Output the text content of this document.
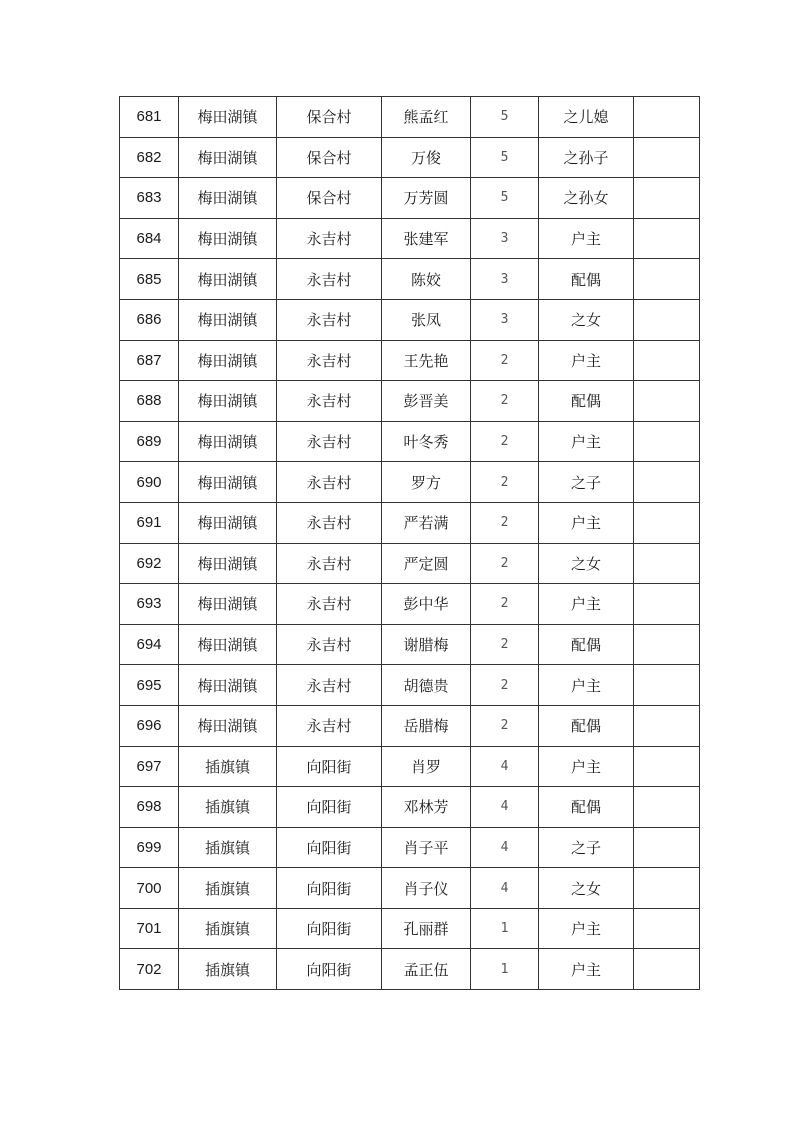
681	梅田湖镇	保合村	熊孟红	5	之儿媳	
682	梅田湖镇	保合村	万俊	5	之孙子	
683	梅田湖镇	保合村	万芳圆	5	之孙女	
684	梅田湖镇	永吉村	张建军	3	户主	
685	梅田湖镇	永吉村	陈姣	3	配偶	
686	梅田湖镇	永吉村	张凤	3	之女	
687	梅田湖镇	永吉村	王先艳	2	户主	
688	梅田湖镇	永吉村	彭晋美	2	配偶	
689	梅田湖镇	永吉村	叶冬秀	2	户主	
690	梅田湖镇	永吉村	罗方	2	之子	
691	梅田湖镇	永吉村	严若满	2	户主	
692	梅田湖镇	永吉村	严定圆	2	之女	
693	梅田湖镇	永吉村	彭中华	2	户主	
694	梅田湖镇	永吉村	谢腊梅	2	配偶	
695	梅田湖镇	永吉村	胡德贵	2	户主	
696	梅田湖镇	永吉村	岳腊梅	2	配偶	
697	插旗镇	向阳街	肖罗	4	户主	
698	插旗镇	向阳街	邓林芳	4	配偶	
699	插旗镇	向阳街	肖子平	4	之子	
700	插旗镇	向阳街	肖子仪	4	之女	
701	插旗镇	向阳街	孔丽群	1	户主	
702	插旗镇	向阳街	孟正伍	1	户主	
